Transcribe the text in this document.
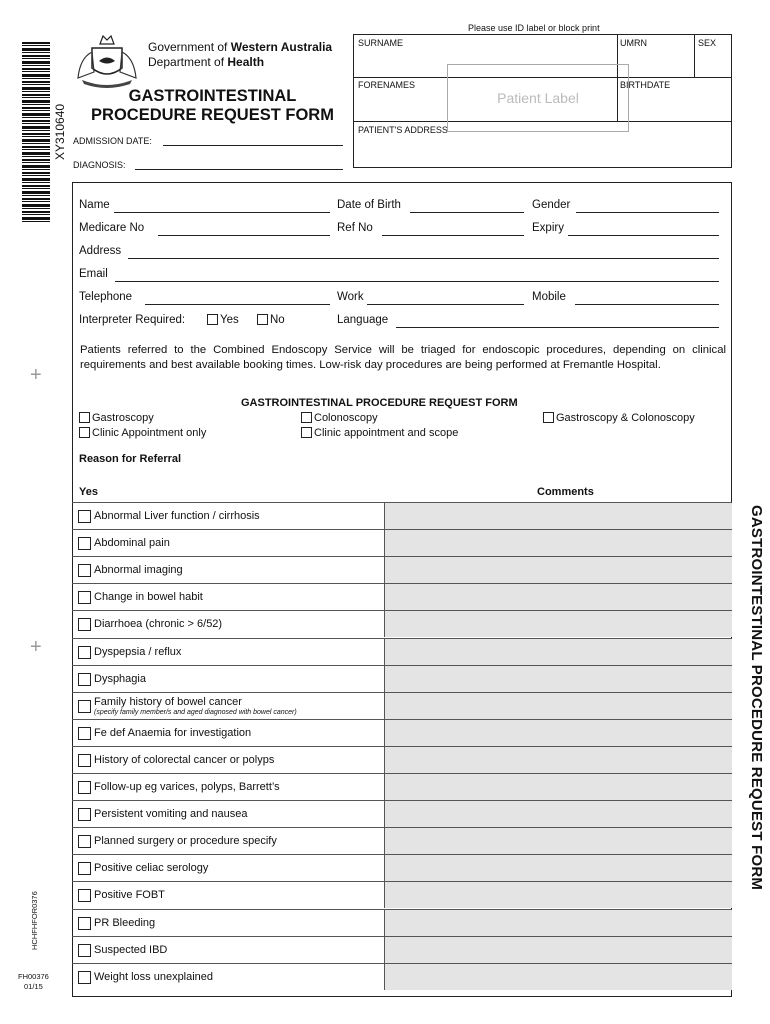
XY310640
+
+
HCHFHFOR0376
FH00376
01/15
Government of Western Australia
Department of Health
GASTROINTESTINAL
PROCEDURE REQUEST FORM
ADMISSION DATE:
DIAGNOSIS:
Please use ID label or block print
SURNAME	UMRN	SEX
FORENAMES	BIRTHDATE
PATIENT'S ADDRESS
Patient Label
Name	Date of Birth	Gender
Medicare No	Ref No	Expiry
Address
Email
Telephone	Work	Mobile
Interpreter Required:	Yes	No	Language
Patients referred to the Combined Endoscopy Service will be triaged for endoscopic procedures, depending on clinical requirements and best available booking times. Low-risk day procedures are being performed at Fremantle Hospital.
GASTROINTESTINAL PROCEDURE REQUEST FORM
Gastroscopy	Colonoscopy	Gastroscopy & Colonoscopy
Clinic Appointment only	Clinic appointment and scope
Reason for Referral
Yes	Comments
Abnormal Liver function / cirrhosis
Abdominal pain
Abnormal imaging
Change in bowel habit
Diarrhoea (chronic > 6/52)
Dyspepsia / reflux
Dysphagia
Family history of bowel cancer
(specify family member/s and aged diagnosed with bowel cancer)
Fe def Anaemia for investigation
History of colorectal cancer or polyps
Follow-up eg varices, polyps, Barrett’s
Persistent vomiting and nausea
Planned surgery or procedure specify
Positive celiac serology
Positive FOBT
PR Bleeding
Suspected IBD
Weight loss unexplained
GASTROINTESTINAL PROCEDURE REQUEST FORM
